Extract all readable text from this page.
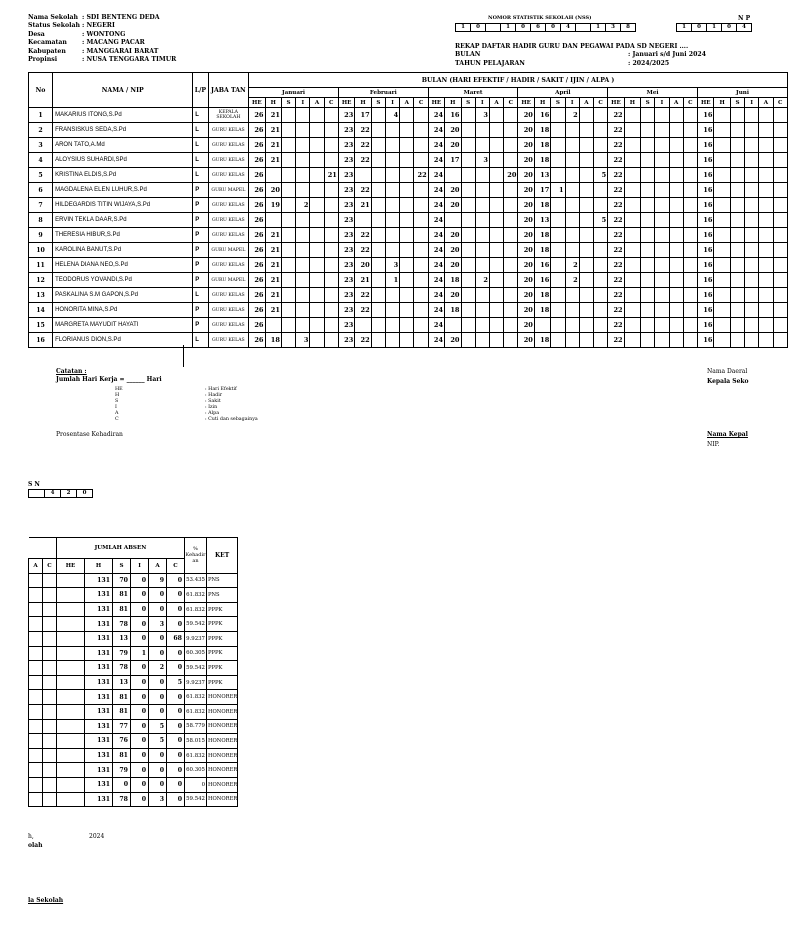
Nama Sekolah : SDI BENTENG DEDA
Status Sekolah : NEGERI
Desa	: WONTONG
Kecamatan	: MACANG PACAR
Kabupaten	: MANGGARAI BARAT
Propinsi	: NUSA TENGGARA TIMUR
NOMOR STATISTIK SEKOLAH (NSS)
1	0	1	0	6	0	4	1	3	8
N P
1	0	1	0	4
REKAP DAFTAR HADIR GURU DAN PEGAWAI PADA SD NEGERI ....
BULAN	: Januari s/d Juni 2024
TAHUN PELAJARAN	: 2024/2025
No	NAMA / NIP	L/P	JABA TAN	BULAN (HARI EFEKTIF / HADIR / SAKIT / IJIN / ALPA )																																			
				Januari						Februari						Maret						April						Mei						Juni					
				HE	H	S	I	A	C	HE	H	S	I	A	C	HE	H	S	I	A	C	HE	H	S	I	A	C	HE	H	S	I	A	C	HE	H	S	I	A	C
1	MAKARIUS ITONG,S.Pd	L	KEPALA SEKOLAH	26	21					23	17		4			24	16		3			20	16		2			22						16					
2	FRANSISKUS SEDA,S.Pd	L	GURU KELAS	26	21					23	22					24	20					20	18					22						16					
3	ARON TATO,A.Md	L	GURU KELAS	26	21					23	22					24	20					20	18					22						16					
4	ALOYSIUS SUHARDI,SPd	L	GURU KELAS	26	21					23	22					24	17		3			20	18					22						16					
5	KRISTINA ELDIS,S.Pd	L	GURU KELAS	26					21	23					22	24					20	20	13				5	22						16					
6	MAGDALENA ELEN LUHUR,S.Pd	P	GURU MAPEL	26	20					23	22					24	20					20	17	1				22						16					
7	HILDEGARDIS TITIN WIJAYA,S.Pd	P	GURU KELAS	26	19		2			23	21					24	20					20	18					22						16					
8	ERVIN TEKLA DAAR,S.Pd	P	GURU KELAS	26						23						24						20	13				5	22						16					
9	THERESIA HIBUR,S.Pd	P	GURU KELAS	26	21					23	22					24	20					20	18					22						16					
10	KAROLINA BANUT,S.Pd	P	GURU MAPEL	26	21					23	22					24	20					20	18					22						16					
11	HELENA DIANA NEO,S.Pd	P	GURU KELAS	26	21					23	20		3			24	20					20	16		2			22						16					
12	TEODORUS YOVANDI,S.Pd	P	GURU MAPEL	26	21					23	21		1			24	18		2			20	16		2			22						16					
13	PASKALINA S.M GAPON,S.Pd	L	GURU KELAS	26	21					23	22					24	20					20	18					22						16					
14	HONORITA MINA,S.Pd	P	GURU KELAS	26	21					23	22					24	18					20	18					22						16					
15	MARGRETA MAYUDIT HAYATI	P	GURU KELAS	26						23						24						20						22						16					
16	FLORIANUS DION,S.Pd	L	GURU KELAS	26	18		3			23	22					24	20					20	18					22						16					
Catatan :
Jumlah Hari Kerja = ______ Hari
HE	: Hari Efektif
H	: Hadir
S	: Sakit
I	: Izin
A	: Alpa
C	: Cuti dan sebagainya
Prosentase Kehadiran
Nama Daeral
Kepala Seko
Nama Kepal
NIP.
S N
4	2	0
		JUMLAH ABSEN						% Kehadir an	KET
A	C	HE	H	S	I	A	C		
			131	70	0	9	0	53.435	PNS
			131	81	0	0	0	61.832	PNS
			131	81	0	0	0	61.832	PPPK
			131	78	0	3	0	59.542	PPPK
			131	13	0	0	68	9.9237	PPPK
			131	79	1	0	0	60.305	PPPK
			131	78	0	2	0	59.542	PPPK
			131	13	0	0	5	9.9237	PPPK
			131	81	0	0	0	61.832	HONORER
			131	81	0	0	0	61.832	HONORER
			131	77	0	5	0	58.779	HONORER
			131	76	0	5	0	58.015	HONORER
			131	81	0	0	0	61.832	HONORER
			131	79	0	0	0	60.305	HONORER
			131	0	0	0	0	0	HONORER
			131	78	0	3	0	59.542	HONORER
h,	2024
olah
la Sekolah
